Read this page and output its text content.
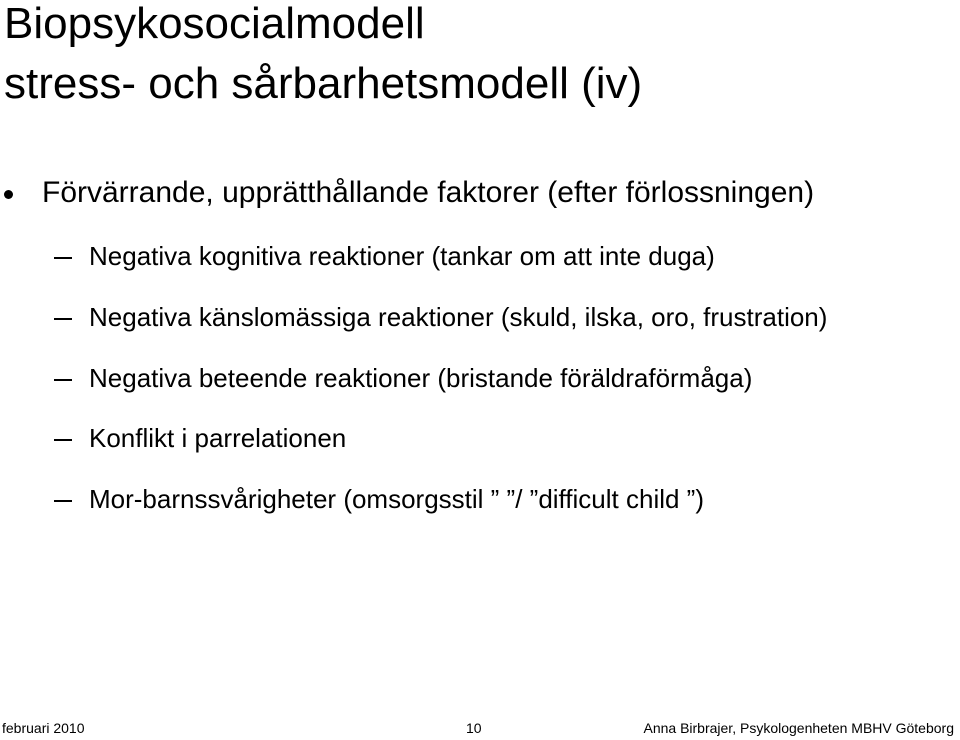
Biopsykosocialmodell
stress- och sårbarhetsmodell (iv)
Förvärrande, upprätthållande faktorer (efter förlossningen)
Negativa kognitiva reaktioner (tankar om att inte duga)
Negativa känslomässiga reaktioner (skuld, ilska, oro, frustration)
Negativa beteende reaktioner (bristande föräldraförmåga)
Konflikt i parrelationen
Mor-barnssvårigheter (omsorgsstil ” ”/ ”difficult child ”)
februari 2010	10	Anna Birbrajer, Psykologenheten MBHV Göteborg
